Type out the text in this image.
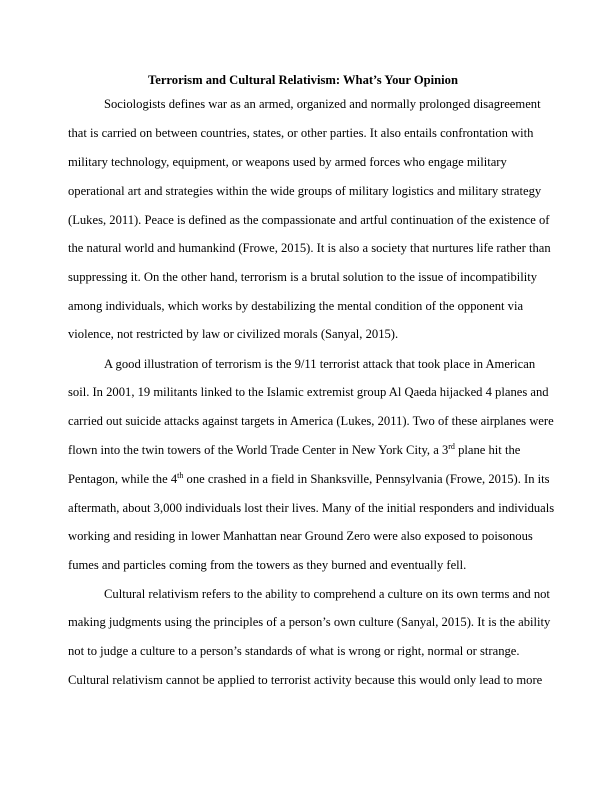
Terrorism and Cultural Relativism: What’s Your Opinion

Sociologists defines war as an armed, organized and normally prolonged disagreement

that is carried on between countries, states, or other parties. It also entails confrontation with

military technology, equipment, or weapons used by armed forces who engage military

operational art and strategies within the wide groups of military logistics and military strategy

(Lukes, 2011). Peace is defined as the compassionate and artful continuation of the existence of

the natural world and humankind (Frowe, 2015). It is also a society that nurtures life rather than

suppressing it. On the other hand, terrorism is a brutal solution to the issue of incompatibility

among individuals, which works by destabilizing the mental condition of the opponent via

violence, not restricted by law or civilized morals (Sanyal, 2015).

A good illustration of terrorism is the 9/11 terrorist attack that took place in American

soil. In 2001, 19 militants linked to the Islamic extremist group Al Qaeda hijacked 4 planes and

carried out suicide attacks against targets in America (Lukes, 2011). Two of these airplanes were

flown into the twin towers of the World Trade Center in New York City, a 3rd plane hit the

Pentagon, while the 4th one crashed in a field in Shanksville, Pennsylvania (Frowe, 2015). In its

aftermath, about 3,000 individuals lost their lives. Many of the initial responders and individuals

working and residing in lower Manhattan near Ground Zero were also exposed to poisonous

fumes and particles coming from the towers as they burned and eventually fell.

Cultural relativism refers to the ability to comprehend a culture on its own terms and not

making judgments using the principles of a person’s own culture (Sanyal, 2015). It is the ability

not to judge a culture to a person’s standards of what is wrong or right, normal or strange.

Cultural relativism cannot be applied to terrorist activity because this would only lead to more
